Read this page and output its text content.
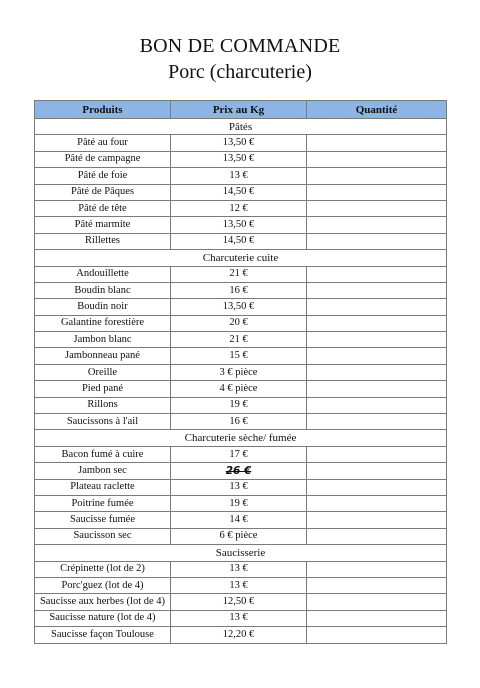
BON DE COMMANDE
Porc (charcuterie)
Produits	Prix au Kg	Quantité
Pâtés		
Pâté au four	13,50 €	
Pâté de campagne	13,50 €	
Pâté de foie	13 €	
Pâté de Pâques	14,50 €	
Pâté de tête	12 €	
Pâté marmite	13,50 €	
Rillettes	14,50 €	
Charcuterie cuite		
Andouillette	21 €	
Boudin blanc	16 €	
Boudin noir	13,50 €	
Galantine forestière	20 €	
Jambon blanc	21 €	
Jambonneau pané	15 €	
Oreille	3 € pièce	
Pied pané	4 € pièce	
Rillons	19 €	
Saucissons à l'ail	16 €	
Charcuterie sèche/ fumée		
Bacon fumé à cuire	17 €	
Jambon sec	26 €	
Plateau raclette	13 €	
Poitrine fumée	19 €	
Saucisse fumée	14 €	
Saucisson sec	6 € pièce	
Saucisserie		
Crépinette (lot de 2)	13 €	
Porc'guez (lot de 4)	13 €	
Saucisse aux herbes (lot de 4)	12,50 €	
Saucisse nature (lot de 4)	13 €	
Saucisse façon Toulouse	12,20 €	
